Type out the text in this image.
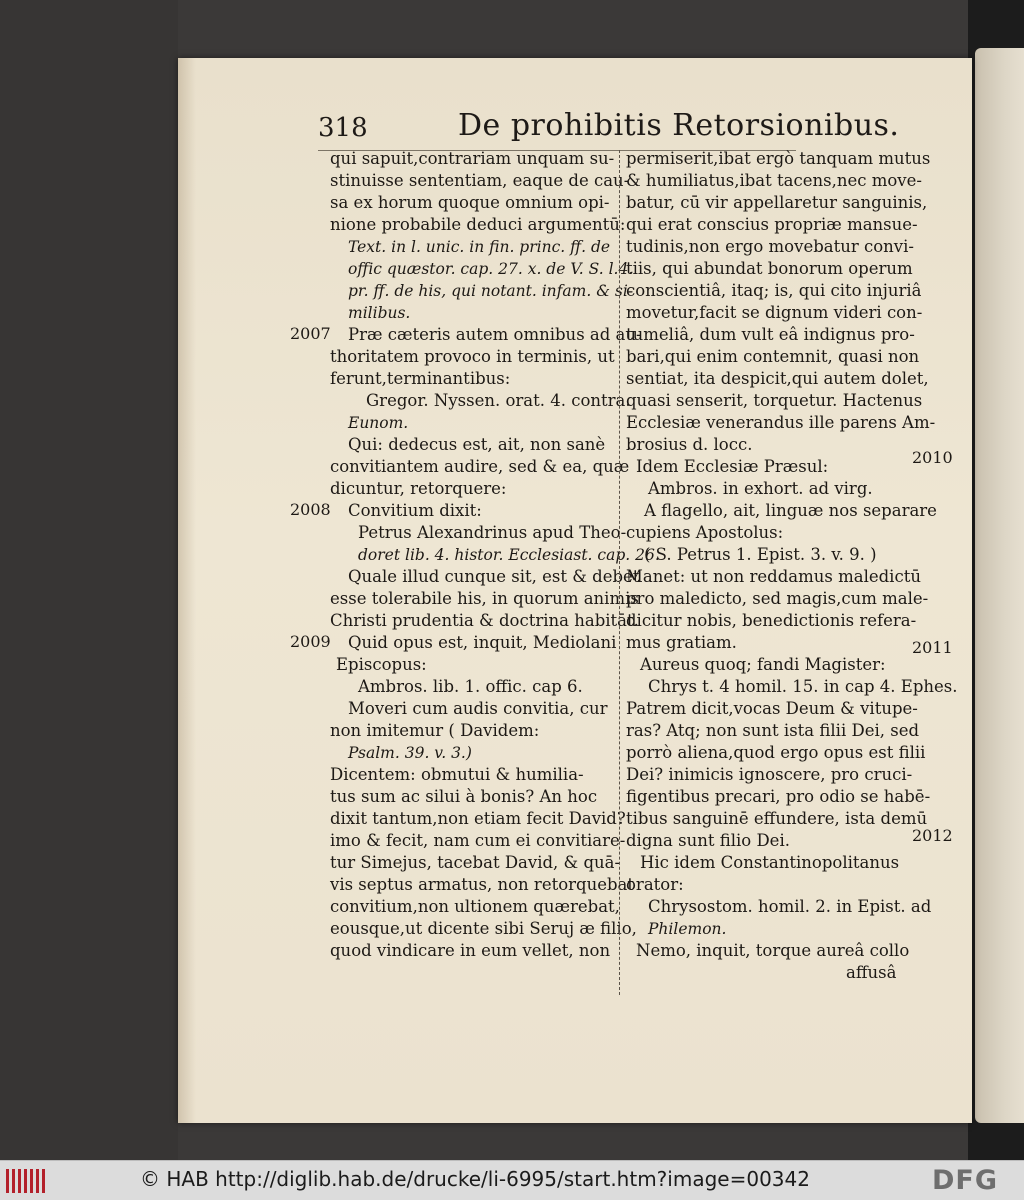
318	De prohibitis Retorsionibus.
qui sapuit,contrariam unquam su-
stinuisse sententiam, eaque de cau-
sa ex horum quoque omnium opi-
nione probabile deduci argumentū:
Text. in l. unic. in fin. princ. ff. de
offic quæstor. cap. 27. x. de V. S. l.4.
pr. ff. de his, qui notant. infam. & si-
milibus.
Præ cæteris autem omnibus ad au-
thoritatem provoco in terminis, ut
ferunt,terminantibus:
Gregor. Nyssen. orat. 4. contra.
Eunom.
Qui: dedecus est, ait, non sanè
convitiantem audire, sed & ea, quæ
dicuntur, retorquere:
Convitium dixit:
Petrus Alexandrinus apud Theo-
doret lib. 4. histor. Ecclesiast. cap. 26.
Quale illud cunque sit, est & debet
esse tolerabile his, in quorum animis
Christi prudentia & doctrina habitāt.
Quid opus est, inquit, Mediolani
Episcopus:
Ambros. lib. 1. offic. cap 6.
Moveri cum audis convitia, cur
non imitemur ( Davidem:
Psalm. 39. v. 3.)
Dicentem: obmutui & humilia-
tus sum ac silui à bonis? An hoc
dixit tantum,non etiam fecit David?
imo & fecit, nam cum ei convitiare-
tur Simejus, tacebat David, & quā-
vis septus armatus, non retorquebat
convitium,non ultionem quærebat,
eousque,ut dicente sibi Seruj æ filio,
quod vindicare in eum vellet, non
permiserit,ibat ergò tanquam mutus
& humiliatus,ibat tacens,nec move-
batur, cū vir appellaretur sanguinis,
qui erat conscius propriæ mansue-
tudinis,non ergo movebatur convi-
tiis, qui abundat bonorum operum
conscientiâ, itaq; is, qui cito injuriâ
movetur,facit se dignum videri con-
tumeliâ, dum vult eâ indignus pro-
bari,qui enim contemnit, quasi non
sentiat, ita despicit,qui autem dolet,
quasi senserit, torquetur. Hactenus
Ecclesiæ venerandus ille parens Am-
brosius d. locc.
Idem Ecclesiæ Præsul:
Ambros. in exhort. ad virg.
A flagello, ait, linguæ nos separare
cupiens Apostolus:
( S. Petrus 1. Epist. 3. v. 9. )
Manet: ut non reddamus maledictū
pro maledicto, sed magis,cum male-
dicitur nobis, benedictionis refera-
mus gratiam.
Aureus quoq; fandi Magister:
Chrys t. 4 homil. 15. in cap 4. Ephes.
Patrem dicit,vocas Deum & vitupe-
ras? Atq; non sunt ista filii Dei, sed
porrò aliena,quod ergo opus est filii
Dei? inimicis ignoscere, pro cruci-
figentibus precari, pro odio se habē-
tibus sanguinē effundere, ista demū
digna sunt filio Dei.
Hic idem Constantinopolitanus
orator:
Chrysostom. homil. 2. in Epist. ad
Philemon.
Nemo, inquit, torque aureâ collo
affusâ
2007
2008
2009
2010
2011
2012
© HAB http://diglib.hab.de/drucke/li-6995/start.htm?image=00342	DFG
